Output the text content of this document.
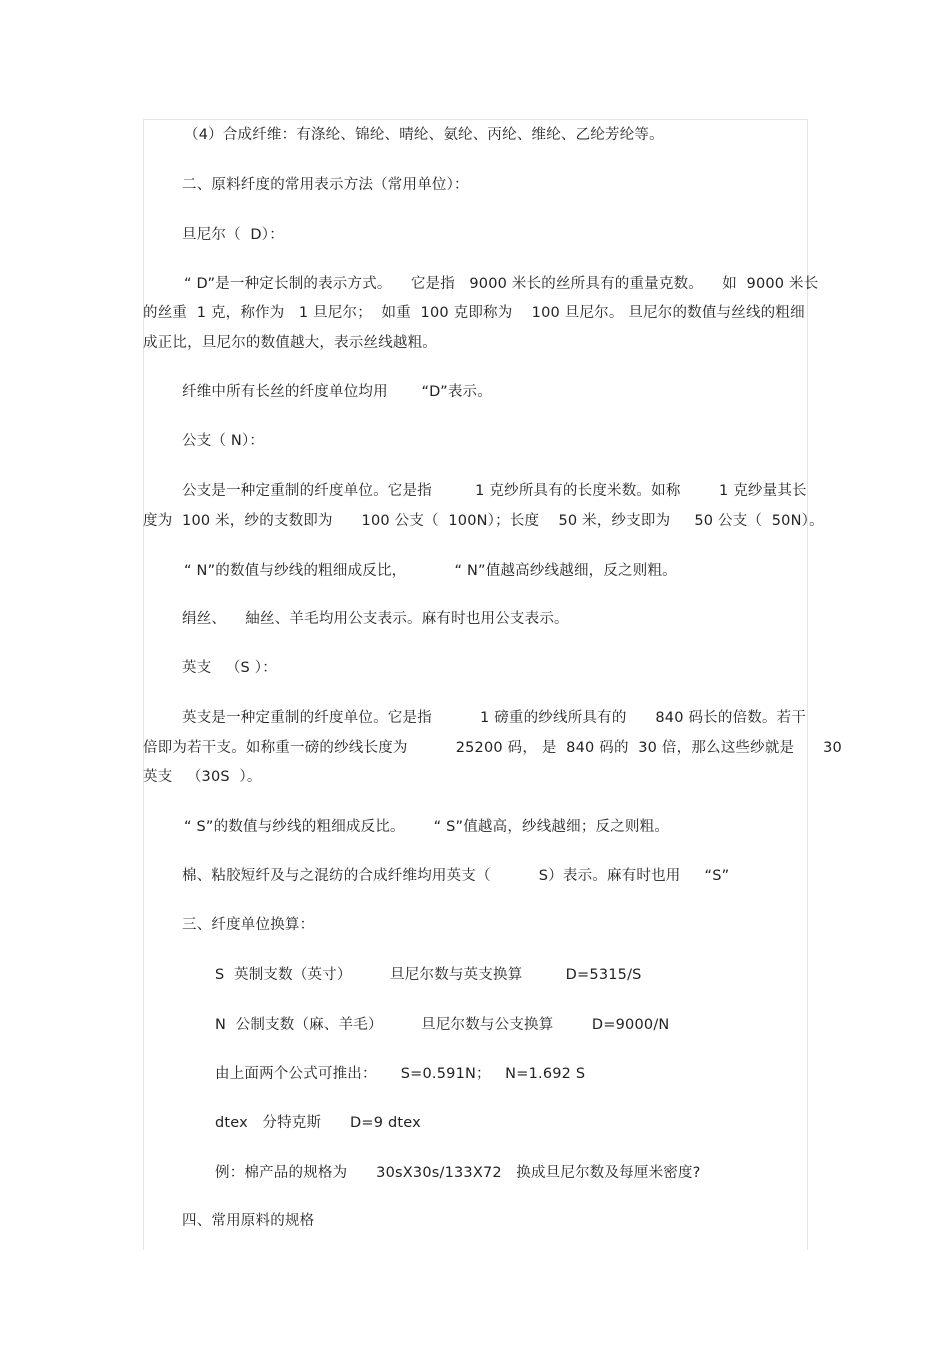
（4）合成纤维：有涤纶、锦纶、晴纶、氨纶、丙纶、维纶、乙纶芳纶等。
二、原料纤度的常用表示方法（常用单位）：
旦尼尔（  D）：
“ D”是一种定长制的表示方式。    它是指   9000 米长的丝所具有的重量克数。    如  9000 米长
的丝重  1 克，称作为   1 旦尼尔；  如重  100 克即称为    100 旦尼尔。 旦尼尔的数值与丝线的粗细
成正比，旦尼尔的数值越大，表示丝线越粗。
纤维中所有长丝的纤度单位均用       “D”表示。
公支（ N）：
公支是一种定重制的纤度单位。它是指         1 克纱所具有的长度米数。如称        1 克纱量其长
度为  100 米，纱的支数即为      100 公支（  100N）；长度    50 米，纱支即为     50 公支（  50N）。
“ N”的数值与纱线的粗细成反比，          “ N”值越高纱线越细，反之则粗。
绢丝、    紬丝、羊毛均用公支表示。麻有时也用公支表示。
英支   （S ）：
英支是一种定重制的纤度单位。它是指          1 磅重的纱线所具有的      840 码长的倍数。若干
倍即为若干支。如称重一磅的纱线长度为          25200 码， 是  840 码的  30 倍，那么这些纱就是      30
英支   （30S  ）。
“ S”的数值与纱线的粗细成反比。      “ S”值越高，纱线越细；反之则粗。
棉、粘胶短纤及与之混纺的合成纤维均用英支（          S）表示。麻有时也用     “S”
三、纤度单位换算：
S  英制支数（英寸）        旦尼尔数与英支换算         D=5315/S
N  公制支数（麻、羊毛）        旦尼尔数与公支换算        D=9000/N
由上面两个公式可推出：     S=0.591N；   N=1.692 S
dtex   分特克斯      D=9 dtex
例：棉产品的规格为      30sX30s/133X72   换成旦尼尔数及每厘米密度?
四、常用原料的规格
